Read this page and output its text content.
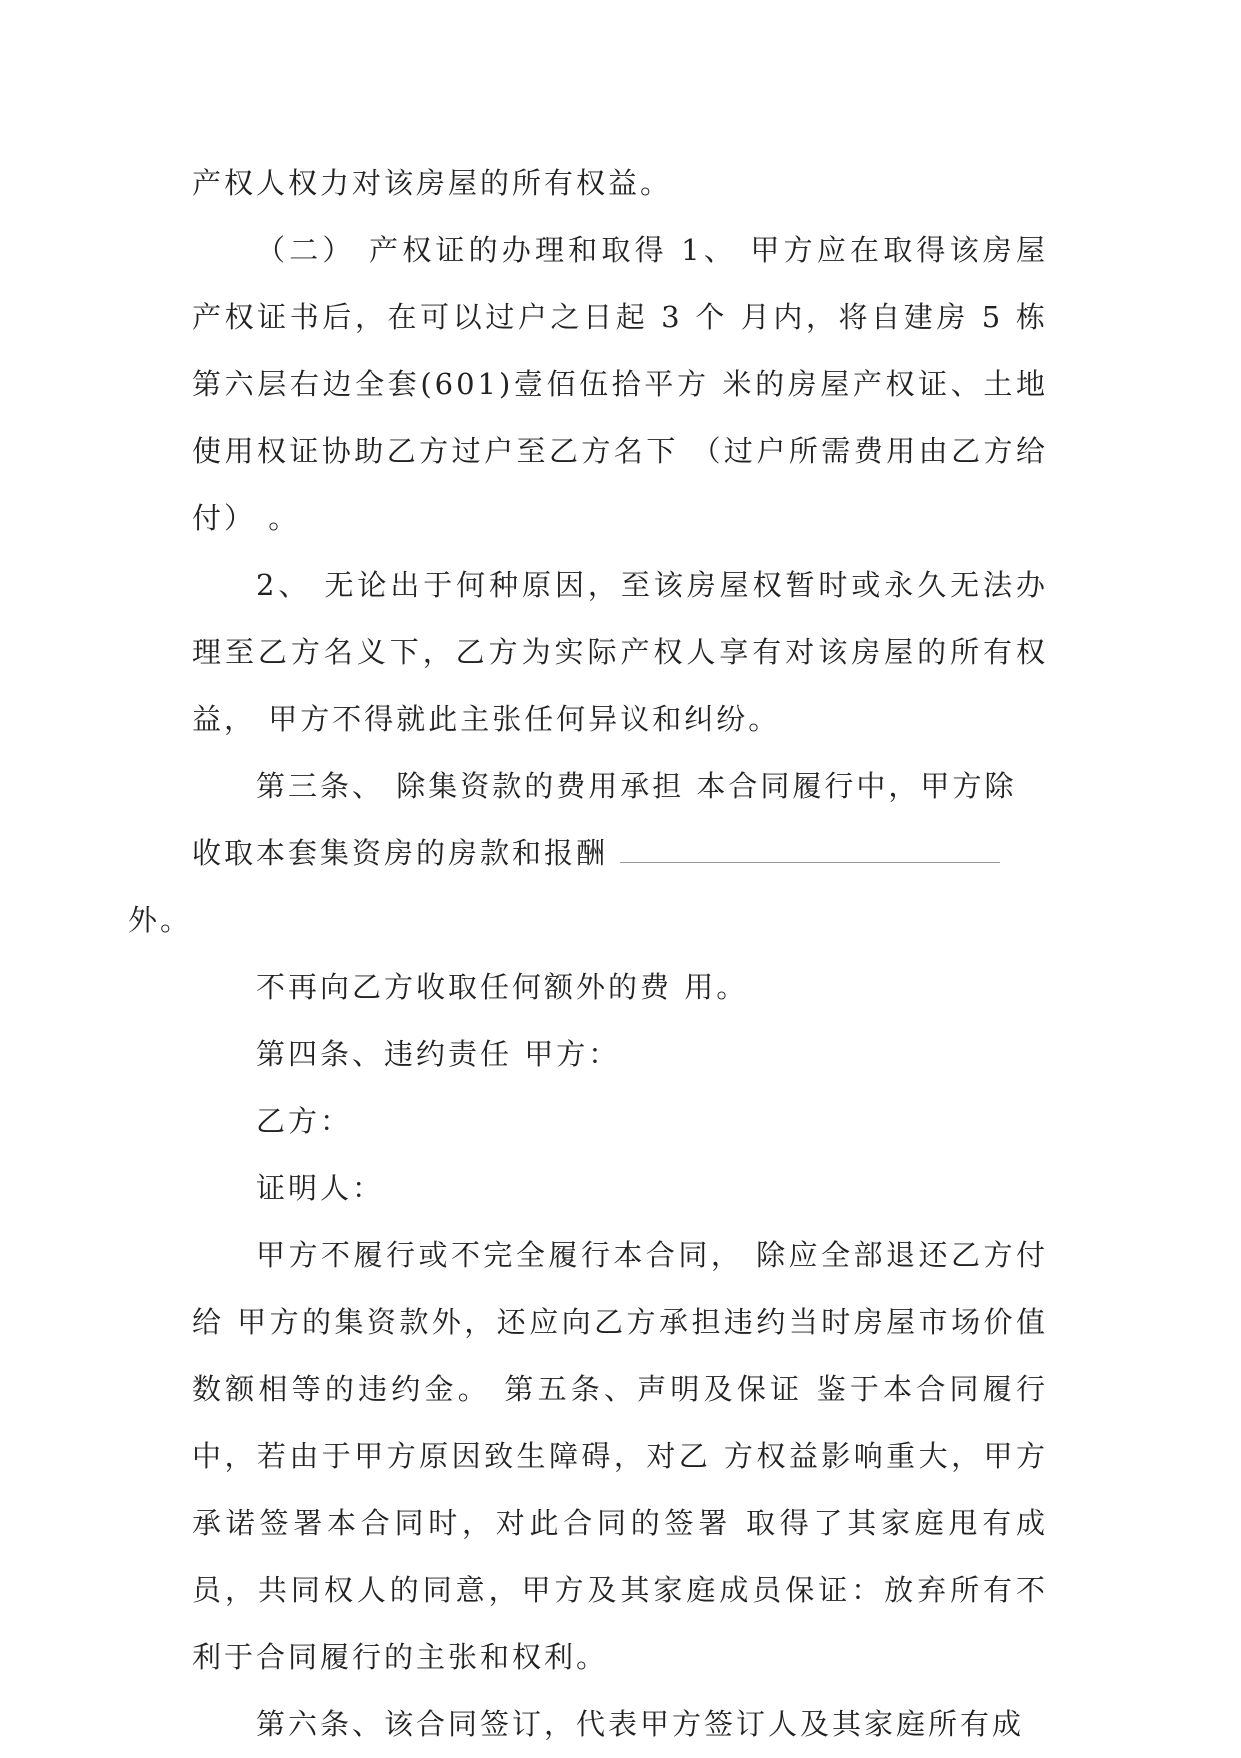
产权人权力对该房屋的所有权益。

（二） 产权证的办理和取得 1、 甲方应在取得该房屋产权证书后，在可以过户之日起 3 个 月内，将自建房 5 栋第六层右边全套(601)壹佰伍拾平方 米的房屋产权证、土地使用权证协助乙方过户至乙方名下 （过户所需费用由乙方给付） 。

2、 无论出于何种原因，至该房屋权暂时或永久无法办理至乙方名义下，乙方为实际产权人享有对该房屋的所有权益， 甲方不得就此主张任何异议和纠纷。

第三条、 除集资款的费用承担 本合同履行中，甲方除收取本套集资房的房款和报酬
外。

不再向乙方收取任何额外的费 用。

第四条、违约责任 甲方：

乙方：

证明人：

甲方不履行或不完全履行本合同， 除应全部退还乙方付给 甲方的集资款外，还应向乙方承担违约当时房屋市场价值数额相等的违约金。 第五条、声明及保证 鉴于本合同履行中，若由于甲方原因致生障碍，对乙 方权益影响重大，甲方承诺签署本合同时，对此合同的签署 取得了其家庭甩有成员，共同权人的同意，甲方及其家庭成员保证：放弃所有不利于合同履行的主张和权利。

第六条、该合同签订，代表甲方签订人及其家庭所有成
